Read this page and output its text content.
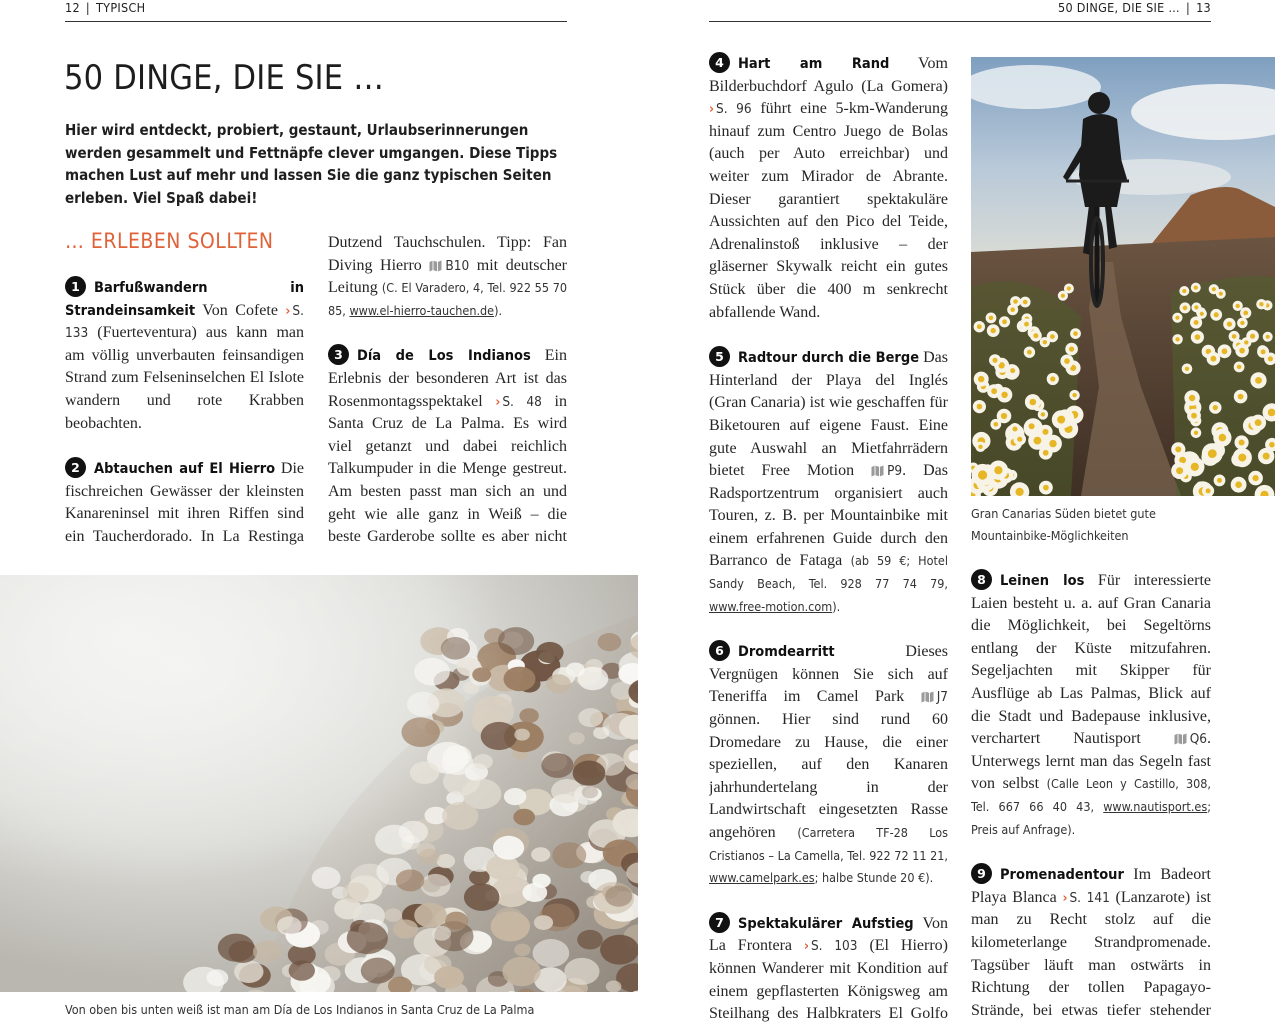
12 | TYPISCH	50 DINGE, DIE SIE … | 13
50 DINGE, DIE SIE …
Hier wird entdeckt, probiert, gestaunt, Urlaubserinnerungen werden gesammelt und Fettnäpfe clever umgangen. Diese Tipps machen Lust auf mehr und lassen Sie die ganz typischen Seiten erleben. Viel Spaß dabei!
… ERLEBEN SOLLTEN

1 Barfußwandern in Strandeinsamkeit Von Cofete › S. 133 (Fuerteventura) aus kann man am völlig unverbauten feinsandigen Strand zum Felseninselchen El Islote wandern und rote Krabben beobachten.

2 Abtauchen auf El Hierro Die fischreichen Gewässer der kleinsten Kanareninsel mit ihren Riffen sind ein Taucherdorado. In La Restinga

Dutzend Tauchschulen. Tipp: Fan Diving Hierro B10 mit deutscher Leitung (C. El Varadero, 4, Tel. 922 55 70 85, www.el-hierro-tauchen.de).

3 Día de Los Indianos Ein Erlebnis der besonderen Art ist das Rosenmontagsspektakel › S. 48 in Santa Cruz de La Palma. Es wird viel getanzt und dabei reichlich Talkumpuder in die Menge gestreut. Am besten passt man sich an und geht wie alle ganz in Weiß – die beste Garderobe sollte es aber nicht

4 Hart am Rand Vom Bilderbuchdorf Agulo (La Gomera) › S. 96 führt eine 5-km-Wanderung hinauf zum Centro Juego de Bolas (auch per Auto erreichbar) und weiter zum Mirador de Abrante. Dieser garantiert spektakuläre Aussichten auf den Pico del Teide, Adrenalinstoß inklusive – der gläserner Skywalk reicht ein gutes Stück über die 400 m senkrecht abfallende Wand.

5 Radtour durch die Berge Das Hinterland der Playa del Inglés (Gran Canaria) ist wie geschaffen für Biketouren auf eigene Faust. Eine gute Auswahl an Mietfahrrädern bietet Free Motion P9. Das Radsportzentrum organisiert auch Touren, z. B. per Mountainbike mit einem erfahrenen Guide durch den Barranco de Fataga (ab 59 €; Hotel Sandy Beach, Tel. 928 77 74 79, www.free-motion.com).

6 Dromdearritt Dieses Vergnügen können Sie sich auf Teneriffa im Camel Park J7 gönnen. Hier sind rund 60 Dromedare zu Hause, die einer speziellen, auf den Kanaren jahrhundertelang in der Landwirtschaft eingesetzten Rasse angehören (Carretera TF-28 Los Cristianos – La Camella, Tel. 922 72 11 21, www.camelpark.es; halbe Stunde 20 €).

7 Spektakulärer Aufstieg Von La Frontera › S. 103 (El Hierro) können Wanderer mit Kondition auf einem gepflasterten Königsweg am Steilhang des Halbkraters El Golfo

8 Leinen los Für interessierte Laien besteht u. a. auf Gran Canaria die Möglichkeit, bei Segeltörns entlang der Küste mitzufahren. Segeljachten mit Skipper für Ausflüge ab Las Palmas, Blick auf die Stadt und Badepause inklusive, verchartert Nautisport Q6. Unterwegs lernt man das Segeln fast von selbst (Calle Leon y Castillo, 308, Tel. 667 66 40 43, www.nautisport.es; Preis auf Anfrage).

9 Promenadentour Im Badeort Playa Blanca › S. 141 (Lanzarote) ist man zu Recht stolz auf die kilometerlange Strandpromenade. Tagsüber läuft man ostwärts in Richtung der tollen Papagayo-Strände, bei etwas tiefer stehender

Von oben bis unten weiß ist man am Día de Los Indianos in Santa Cruz de La Palma
Gran Canarias Süden bietet gute Mountainbike-Möglichkeiten
